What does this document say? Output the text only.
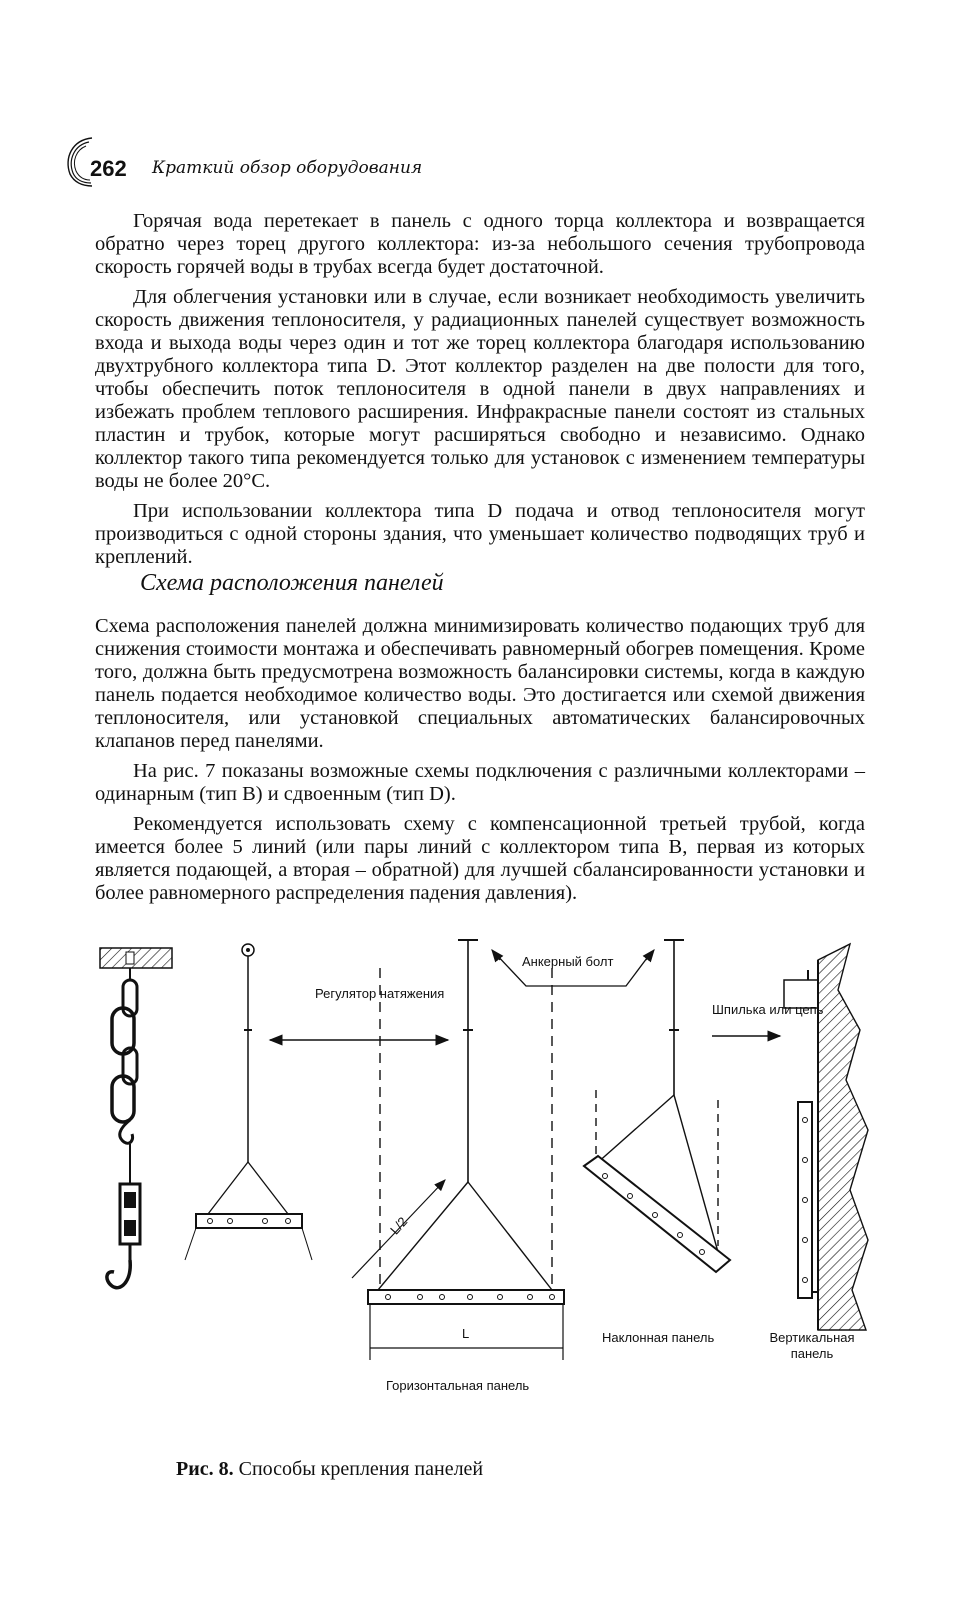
262 Краткий обзор оборудования

Горячая вода перетекает в панель с одного торца коллектора и возвращается обратно через торец другого коллектора: из-за небольшого сечения трубопровода скорость горячей воды в трубах всегда будет достаточной.

Для облегчения установки или в случае, если возникает необходимость увеличить скорость движения теплоносителя, у радиационных панелей существует возможность входа и выхода воды через один и тот же торец коллектора благодаря использованию двухтрубного коллектора типа D. Этот коллектор разделен на две полости для того, чтобы обеспечить поток теплоносителя в одной панели в двух направлениях и избежать проблем теплового расширения. Инфракрасные панели состоят из стальных пластин и трубок, которые могут расширяться свободно и независимо. Однако коллектор такого типа рекомендуется только для установок с изменением температуры воды не более 20°С.

При использовании коллектора типа D подача и отвод теплоносителя могут производиться с одной стороны здания, что уменьшает количество подводящих труб и креплений.

Схема расположения панелей

Схема расположения панелей должна минимизировать количество подающих труб для снижения стоимости монтажа и обеспечивать равномерный обогрев помещения. Кроме того, должна быть предусмотрена возможность балансировки системы, когда в каждую панель подается необходимое количество воды. Это достигается или схемой движения теплоносителя, или установкой специальных автоматических балансировочных клапанов перед панелями.

На рис. 7 показаны возможные схемы подключения с различными коллекторами – одинарным (тип В) и сдвоенным (тип D).

Рекомендуется использовать схему с компенсационной третьей трубой, когда имеется более 5 линий (или пары линий с коллектором типа В, первая из которых является подающей, а вторая – обратной) для лучшей сбалансированности установки и более равномерного распределения падения давления).

Регулятор натяжения
Анкерный болт
Шпилька или цепь
L/2
L	Наклонная панель	Вертикальная панель
Горизонтальная панель
Рис. 8. Способы крепления панелей
